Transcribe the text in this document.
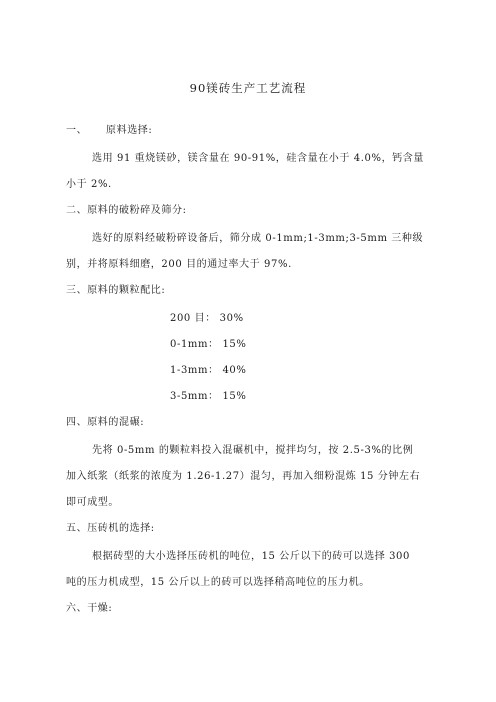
90镁砖生产工艺流程
一、 原料选择:
选用 91 重烧镁砂，镁含量在 90-91%，硅含量在小于 4.0%，钙含量
小于 2%.
二、原料的破粉碎及筛分:
选好的原料经破粉碎设备后，筛分成 0-1mm;1-3mm;3-5mm 三种级
别，并将原料细磨，200 目的通过率大于 97%.
三、原料的颗粒配比:
200 目： 30%
0-1mm： 15%
1-3mm： 40%
3-5mm： 15%
四、原料的混碾:
先将 0-5mm 的颗粒料投入混碾机中，搅拌均匀，按 2.5-3%的比例
加入纸浆（纸浆的浓度为 1.26-1.27）混匀，再加入细粉混炼 15 分钟左右
即可成型。
五、压砖机的选择:
根据砖型的大小选择压砖机的吨位，15 公斤以下的砖可以选择 300
吨的压力机成型，15 公斤以上的砖可以选择稍高吨位的压力机。
六、干燥:
